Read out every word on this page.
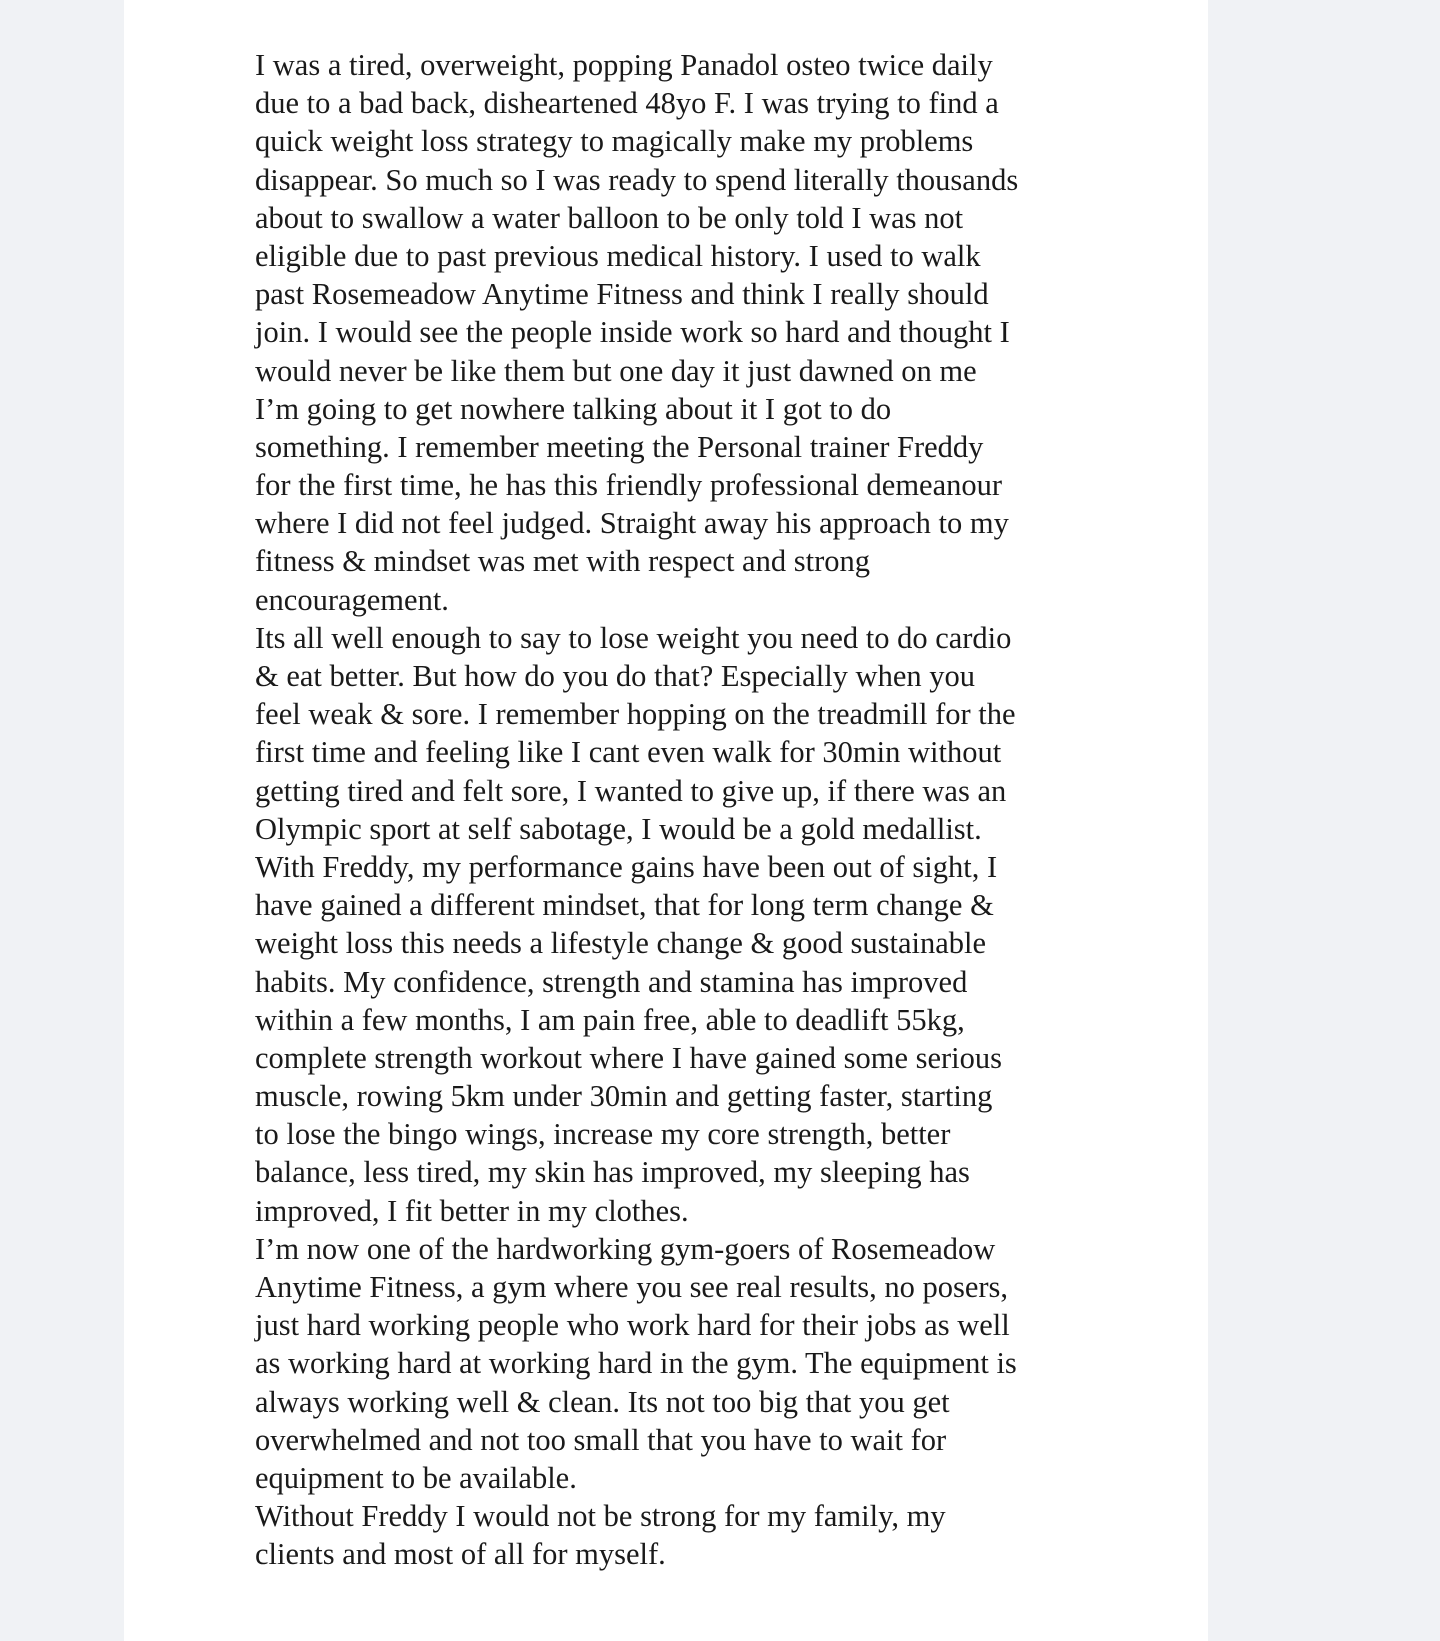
I was a tired, overweight, popping Panadol osteo twice daily
due to a bad back, disheartened 48yo F. I was trying to find a
quick weight loss strategy to magically make my problems
disappear. So much so I was ready to spend literally thousands
about to swallow a water balloon to be only told I was not
eligible due to past previous medical history. I used to walk
past Rosemeadow Anytime Fitness and think I really should
join. I would see the people inside work so hard and thought I
would never be like them but one day it just dawned on me
I’m going to get nowhere talking about it I got to do
something. I remember meeting the Personal trainer Freddy
for the first time, he has this friendly professional demeanour
where I did not feel judged. Straight away his approach to my
fitness & mindset was met with respect and strong
encouragement.
Its all well enough to say to lose weight you need to do cardio
& eat better. But how do you do that? Especially when you
feel weak & sore. I remember hopping on the treadmill for the
first time and feeling like I cant even walk for 30min without
getting tired and felt sore, I wanted to give up, if there was an
Olympic sport at self sabotage, I would be a gold medallist.
With Freddy, my performance gains have been out of sight, I
have gained a different mindset, that for long term change &
weight loss this needs a lifestyle change & good sustainable
habits. My confidence, strength and stamina has improved
within a few months, I am pain free, able to deadlift 55kg,
complete strength workout where I have gained some serious
muscle, rowing 5km under 30min and getting faster, starting
to lose the bingo wings, increase my core strength, better
balance, less tired, my skin has improved, my sleeping has
improved, I fit better in my clothes.
I’m now one of the hardworking gym-goers of Rosemeadow
Anytime Fitness, a gym where you see real results, no posers,
just hard working people who work hard for their jobs as well
as working hard at working hard in the gym. The equipment is
always working well & clean. Its not too big that you get
overwhelmed and not too small that you have to wait for
equipment to be available.
Without Freddy I would not be strong for my family, my
clients and most of all for myself.
